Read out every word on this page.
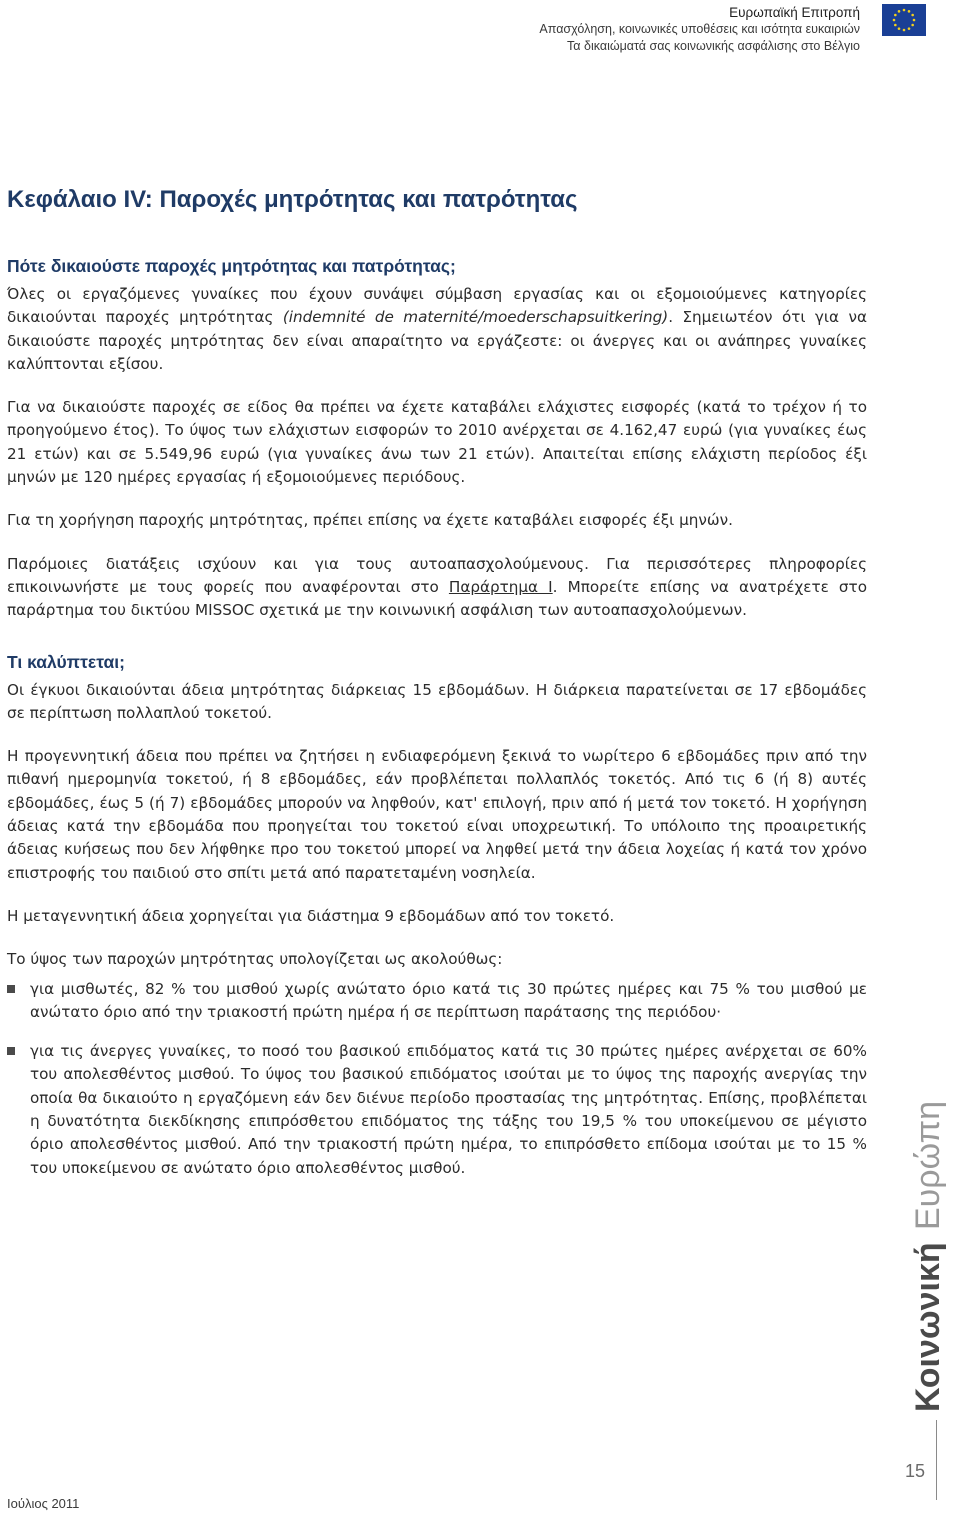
Ευρωπαϊκή Επιτροπή
Απασχόληση, κοινωνικές υποθέσεις και ισότητα ευκαιριών
Τα δικαιώματά σας κοινωνικής ασφάλισης στο Βέλγιο
Κεφάλαιο IV: Παροχές μητρότητας και πατρότητας
Πότε δικαιούστε παροχές μητρότητας και πατρότητας;

Όλες οι εργαζόμενες γυναίκες που έχουν συνάψει σύμβαση εργασίας και οι εξομοιούμενες κατηγορίες δικαιούνται παροχές μητρότητας (indemnité de maternité/moederschapsuitkering). Σημειωτέον ότι για να δικαιούστε παροχές μητρότητας δεν είναι απαραίτητο να εργάζεστε: οι άνεργες και οι ανάπηρες γυναίκες καλύπτονται εξίσου.

Για να δικαιούστε παροχές σε είδος θα πρέπει να έχετε καταβάλει ελάχιστες εισφορές (κατά το τρέχον ή το προηγούμενο έτος). Το ύψος των ελάχιστων εισφορών το 2010 ανέρχεται σε 4.162,47 ευρώ (για γυναίκες έως 21 ετών) και σε 5.549,96 ευρώ (για γυναίκες άνω των 21 ετών). Απαιτείται επίσης ελάχιστη περίοδος έξι μηνών με 120 ημέρες εργασίας ή εξομοιούμενες περιόδους.

Για τη χορήγηση παροχής μητρότητας, πρέπει επίσης να έχετε καταβάλει εισφορές έξι μηνών.

Παρόμοιες διατάξεις ισχύουν και για τους αυτοαπασχολούμενους. Για περισσότερες πληροφορίες επικοινωνήστε με τους φορείς που αναφέρονται στο Παράρτημα I. Μπορείτε επίσης να ανατρέχετε στο παράρτημα του δικτύου MISSOC σχετικά με την κοινωνική ασφάλιση των αυτοαπασχολούμενων.

Τι καλύπτεται;

Οι έγκυοι δικαιούνται άδεια μητρότητας διάρκειας 15 εβδομάδων. Η διάρκεια παρατείνεται σε 17 εβδομάδες σε περίπτωση πολλαπλού τοκετού.

Η προγεννητική άδεια που πρέπει να ζητήσει η ενδιαφερόμενη ξεκινά το νωρίτερο 6 εβδομάδες πριν από την πιθανή ημερομηνία τοκετού, ή 8 εβδομάδες, εάν προβλέπεται πολλαπλός τοκετός. Από τις 6 (ή 8) αυτές εβδομάδες, έως 5 (ή 7) εβδομάδες μπορούν να ληφθούν, κατ' επιλογή, πριν από ή μετά τον τοκετό. Η χορήγηση άδειας κατά την εβδομάδα που προηγείται του τοκετού είναι υποχρεωτική. Το υπόλοιπο της προαιρετικής άδειας κυήσεως που δεν λήφθηκε προ του τοκετού μπορεί να ληφθεί μετά την άδεια λοχείας ή κατά τον χρόνο επιστροφής του παιδιού στο σπίτι μετά από παρατεταμένη νοσηλεία.

Η μεταγεννητική άδεια χορηγείται για διάστημα 9 εβδομάδων από τον τοκετό.

Το ύψος των παροχών μητρότητας υπολογίζεται ως ακολούθως:

για μισθωτές, 82 % του μισθού χωρίς ανώτατο όριο κατά τις 30 πρώτες ημέρες και 75 % του μισθού με ανώτατο όριο από την τριακοστή πρώτη ημέρα ή σε περίπτωση παράτασης της περιόδου·
για τις άνεργες γυναίκες, το ποσό του βασικού επιδόματος κατά τις 30 πρώτες ημέρες ανέρχεται σε 60% του απολεσθέντος μισθού. Το ύψος του βασικού επιδόματος ισούται με το ύψος της παροχής ανεργίας την οποία θα δικαιούτο η εργαζόμενη εάν δεν διένυε περίοδο προστασίας της μητρότητας. Επίσης, προβλέπεται η δυνατότητα διεκδίκησης επιπρόσθετου επιδόματος της τάξης του 19,5 % του υποκείμενου σε μέγιστο όριο απολεσθέντος μισθού. Από την τριακοστή πρώτη ημέρα, το επιπρόσθετο επίδομα ισούται με το 15 % του υποκείμενου σε ανώτατο όριο απολεσθέντος μισθού.
Κοινωνική
Ευρώπη
15
Ιούλιος 2011
